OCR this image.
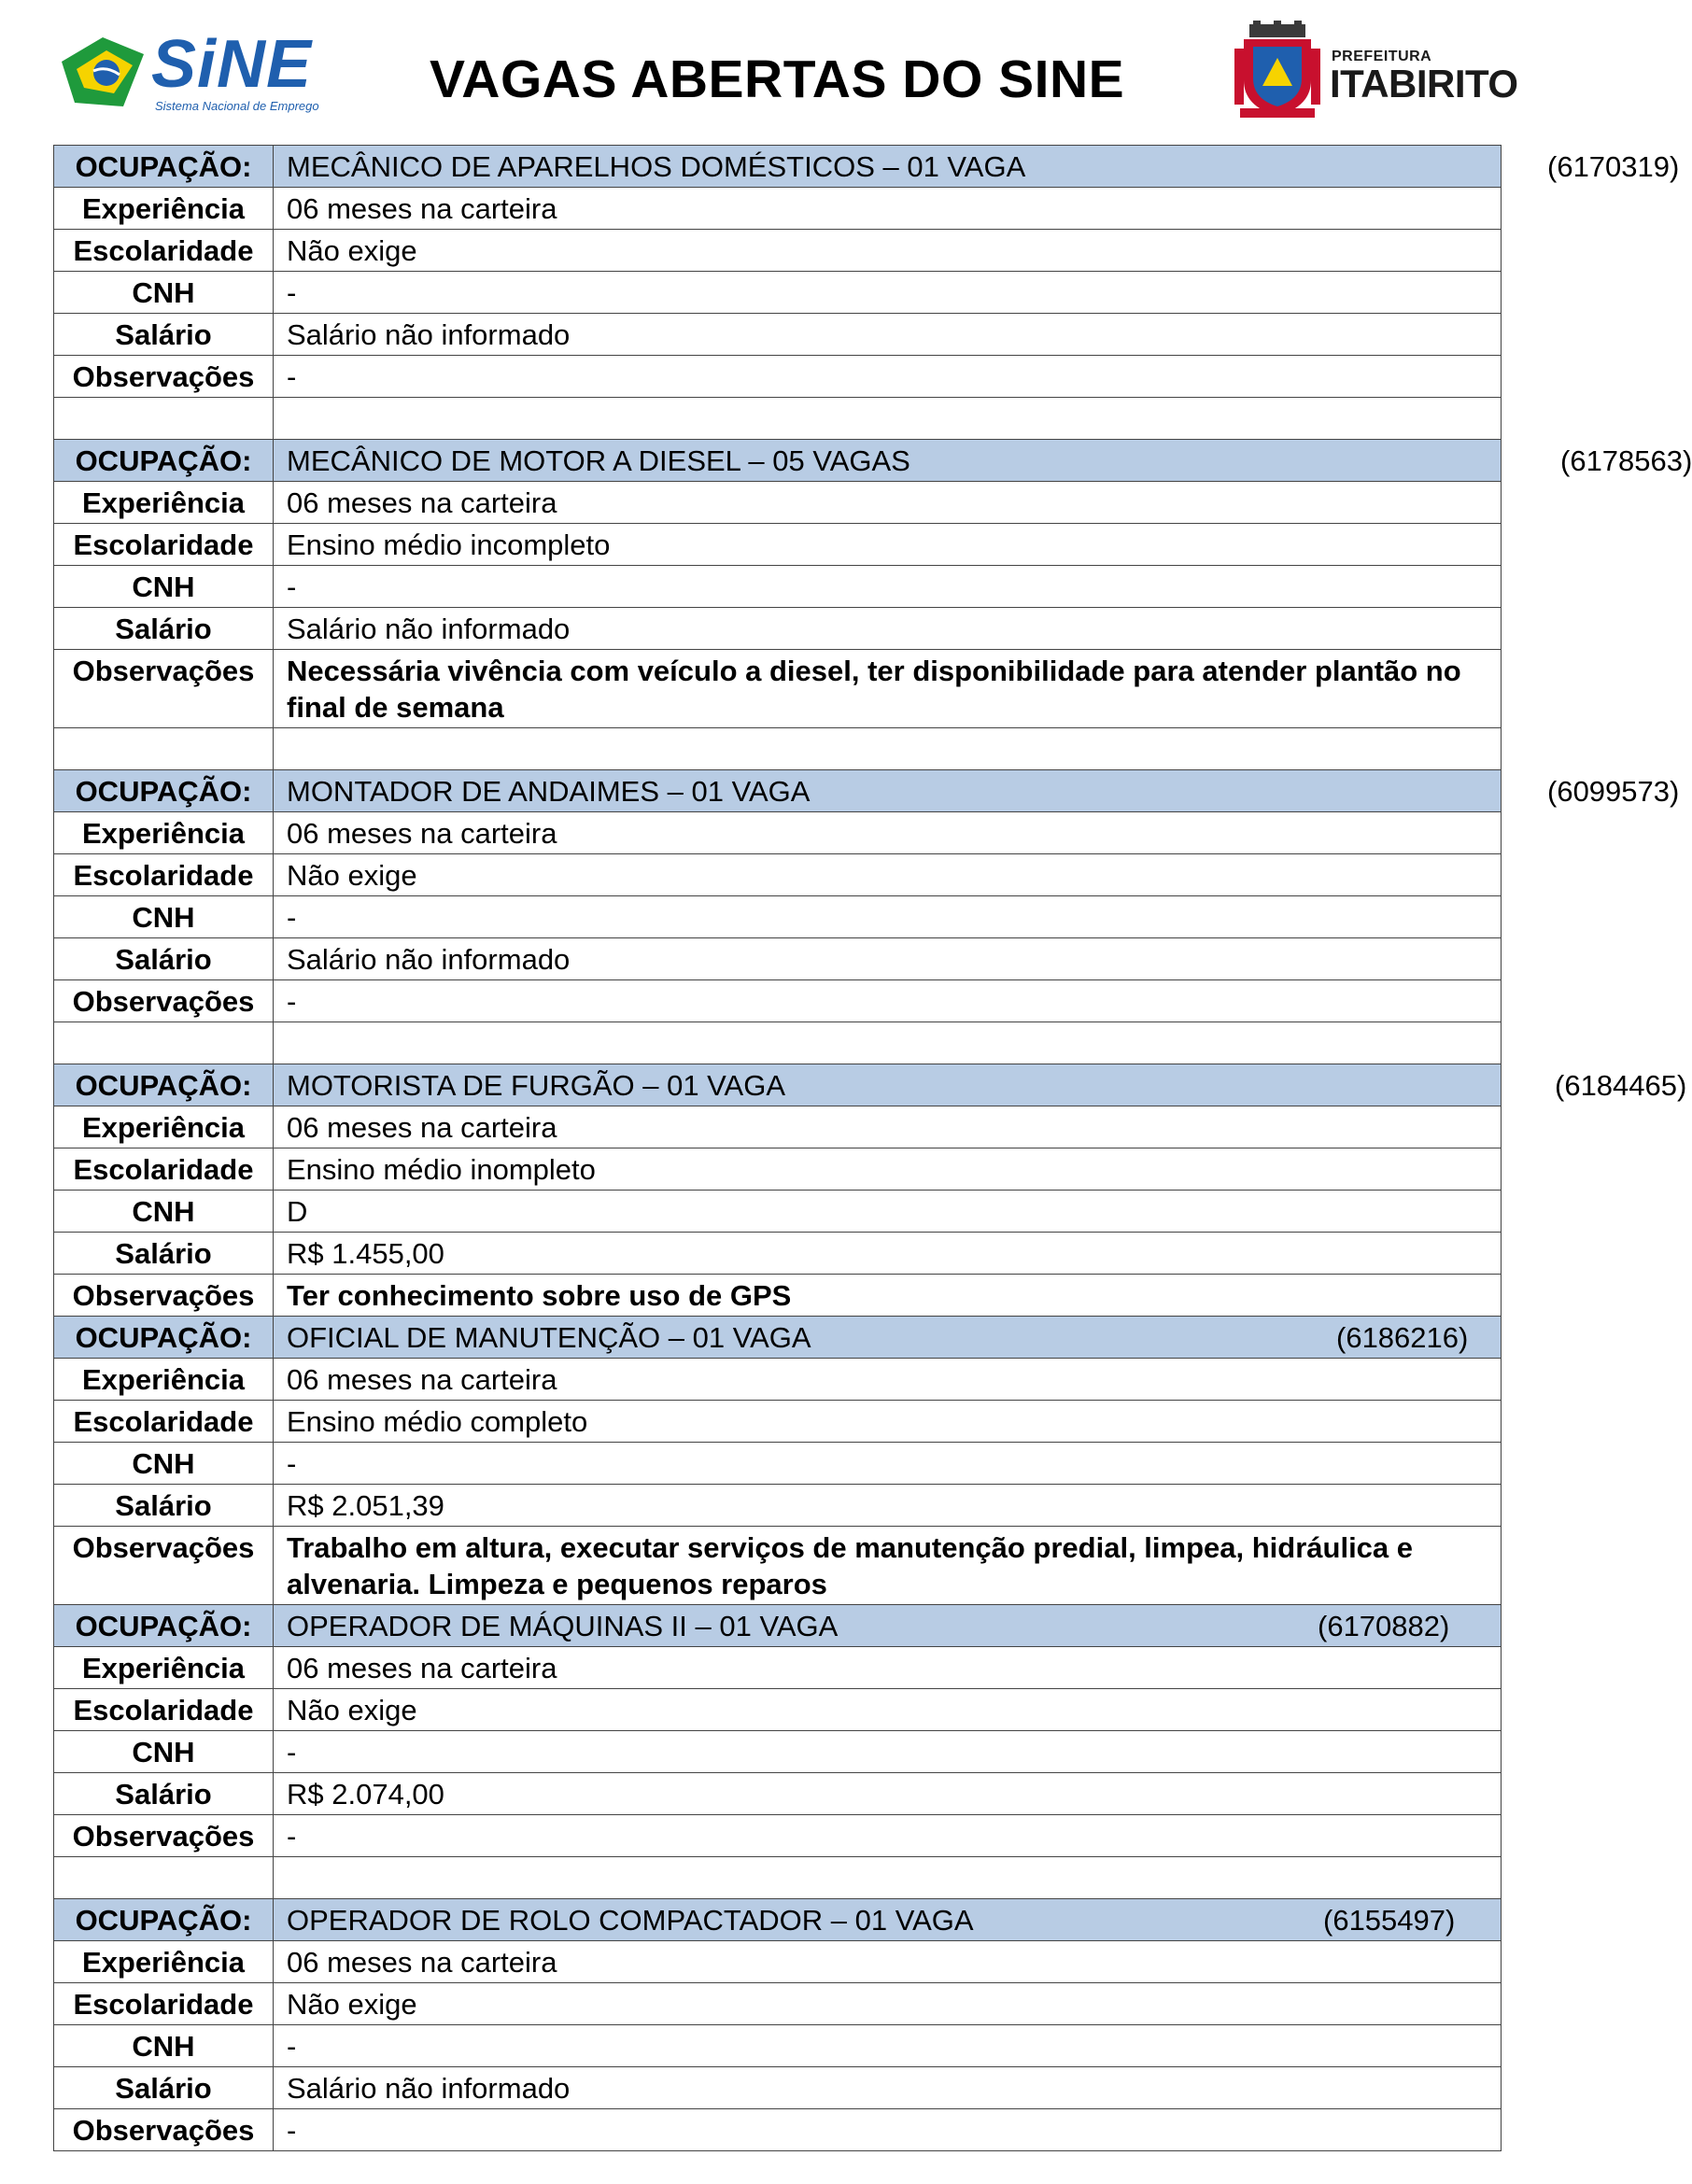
SiNE
Sistema Nacional de Emprego VAGAS ABERTAS DO SINE	PREFEITURA
ITABIRITO
OCUPAÇÃO:	MECÂNICO DE APARELHOS DOMÉSTICOS – 01 VAGA (6170319)

Experiência	06 meses na carteira
Escolaridade	Não exige
CNH	-
Salário	Salário não informado
Observações	-

OCUPAÇÃO:	MECÂNICO DE MOTOR A DIESEL – 05 VAGAS (6178563)

Experiência	06 meses na carteira
Escolaridade	Ensino médio incompleto
CNH	-
Salário	Salário não informado
Observações	Necessária vivência com veículo a diesel, ter disponibilidade para atender plantão no final de semana

OCUPAÇÃO:	MONTADOR DE ANDAIMES – 01 VAGA (6099573)

Experiência	06 meses na carteira
Escolaridade	Não exige
CNH	-
Salário	Salário não informado
Observações	-

OCUPAÇÃO:	MOTORISTA DE FURGÃO – 01 VAGA (6184465)

Experiência	06 meses na carteira
Escolaridade	Ensino médio inompleto
CNH	D
Salário	R$ 1.455,00
Observações	Ter conhecimento sobre uso de GPS
OCUPAÇÃO:	OFICIAL DE MANUTENÇÃO – 01 VAGA (6186216)

Experiência	06 meses na carteira
Escolaridade	Ensino médio completo
CNH	-
Salário	R$ 2.051,39
Observações	Trabalho em altura, executar serviços de manutenção predial, limpea, hidráulica e alvenaria. Limpeza e pequenos reparos
OCUPAÇÃO:	OPERADOR DE MÁQUINAS II – 01 VAGA (6170882)

Experiência	06 meses na carteira
Escolaridade	Não exige
CNH	-
Salário	R$ 2.074,00
Observações	-

OCUPAÇÃO:	OPERADOR DE ROLO COMPACTADOR – 01 VAGA (6155497)

Experiência	06 meses na carteira
Escolaridade	Não exige
CNH	-
Salário	Salário não informado
Observações	-
